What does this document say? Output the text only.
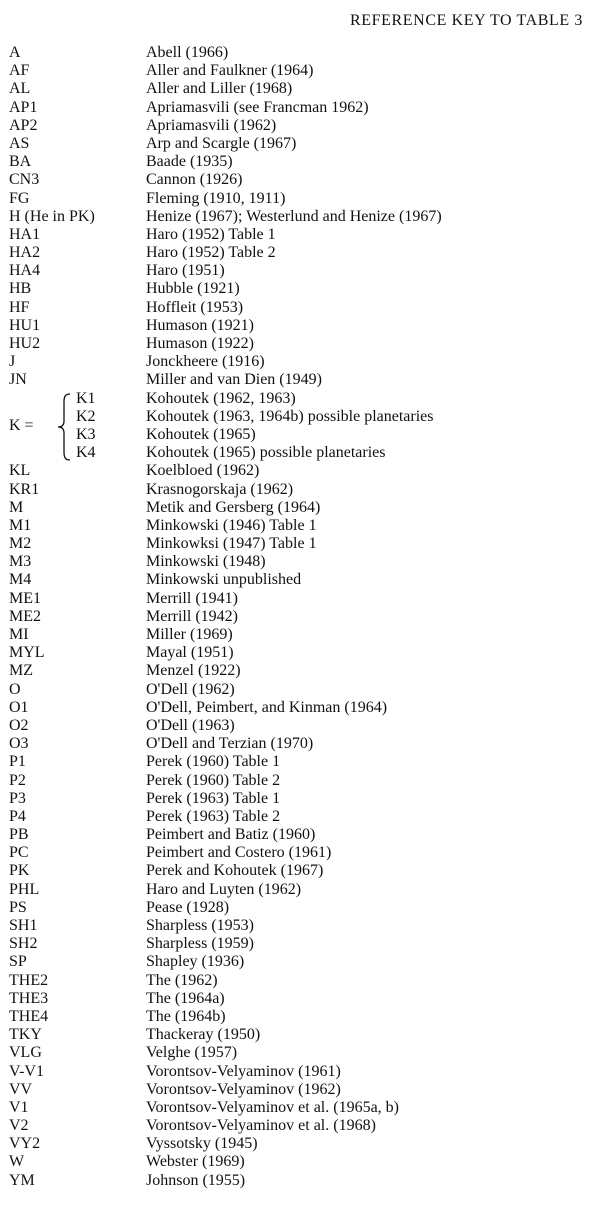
REFERENCE KEY TO TABLE 3
A	Abell (1966)
AF	Aller and Faulkner (1964)
AL	Aller and Liller (1968)
AP1	Apriamasvili (see Francman 1962)
AP2	Apriamasvili (1962)
AS	Arp and Scargle (1967)
BA	Baade (1935)
CN3	Cannon (1926)
FG	Fleming (1910, 1911)
H (He in PK)	Henize (1967); Westerlund and Henize (1967)
HA1	Haro (1952) Table 1
HA2	Haro (1952) Table 2
HA4	Haro (1951)
HB	Hubble (1921)
HF	Hoffleit (1953)
HU1	Humason (1921)
HU2	Humason (1922)
J	Jonckheere (1916)
JN	Miller and van Dien (1949)
K =
K1	Kohoutek (1962, 1963)
K2	Kohoutek (1963, 1964b) possible planetaries
K3	Kohoutek (1965)
K4	Kohoutek (1965) possible planetaries
KL	Koelbloed (1962)
KR1	Krasnogorskaja (1962)
M	Metik and Gersberg (1964)
M1	Minkowski (1946) Table 1
M2	Minkowksi (1947) Table 1
M3	Minkowski (1948)
M4	Minkowski unpublished
ME1	Merrill (1941)
ME2	Merrill (1942)
MI	Miller (1969)
MYL	Mayal (1951)
MZ	Menzel (1922)
O	O'Dell (1962)
O1	O'Dell, Peimbert, and Kinman (1964)
O2	O'Dell (1963)
O3	O'Dell and Terzian (1970)
P1	Perek (1960) Table 1
P2	Perek (1960) Table 2
P3	Perek (1963) Table 1
P4	Perek (1963) Table 2
PB	Peimbert and Batiz (1960)
PC	Peimbert and Costero (1961)
PK	Perek and Kohoutek (1967)
PHL	Haro and Luyten (1962)
PS	Pease (1928)
SH1	Sharpless (1953)
SH2	Sharpless (1959)
SP	Shapley (1936)
THE2	The (1962)
THE3	The (1964a)
THE4	The (1964b)
TKY	Thackeray (1950)
VLG	Velghe (1957)
V-V1	Vorontsov-Velyaminov (1961)
VV	Vorontsov-Velyaminov (1962)
V1	Vorontsov-Velyaminov et al. (1965a, b)
V2	Vorontsov-Velyaminov et al. (1968)
VY2	Vyssotsky (1945)
W	Webster (1969)
YM	Johnson (1955)
